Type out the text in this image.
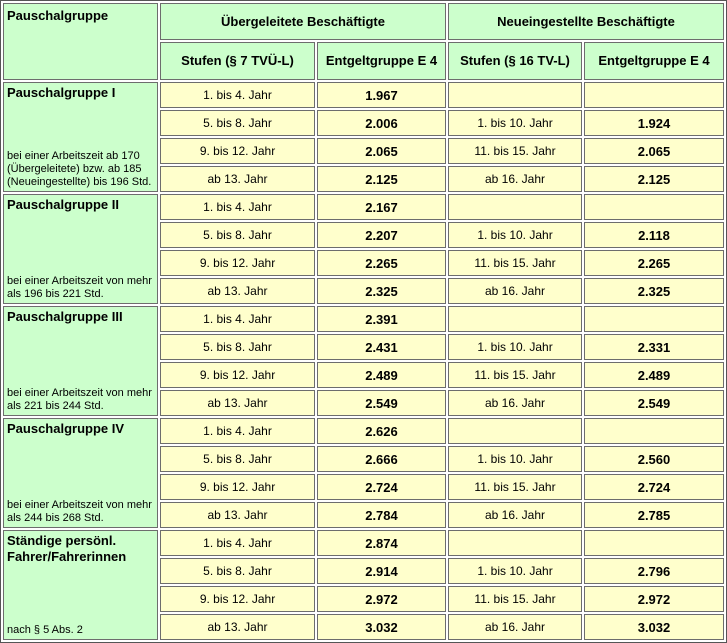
Pauschalgruppe	Übergeleitete Beschäftigte		Neueingestellte Beschäftigte	
	Stufen (§ 7 TVÜ-L)	Entgeltgruppe E 4	Stufen (§ 16 TV-L)	Entgeltgruppe E 4

Pauschalgruppe I
bei einer Arbeitszeit ab 170 (Übergeleitete) bzw. ab 185 (Neueingestellte) bis 196 Std.	1. bis 4. Jahr	1.967		
	5. bis 8. Jahr	2.006	1. bis 10. Jahr	1.924
	9. bis 12. Jahr	2.065	11. bis 15. Jahr	2.065
	ab 13. Jahr	2.125	ab 16. Jahr	2.125

Pauschalgruppe II
bei einer Arbeitszeit von mehr als 196 bis 221 Std.	1. bis 4. Jahr	2.167		
	5. bis 8. Jahr	2.207	1. bis 10. Jahr	2.118
	9. bis 12. Jahr	2.265	11. bis 15. Jahr	2.265
	ab 13. Jahr	2.325	ab 16. Jahr	2.325

Pauschalgruppe III
bei einer Arbeitszeit von mehr als 221 bis 244 Std.	1. bis 4. Jahr	2.391		
	5. bis 8. Jahr	2.431	1. bis 10. Jahr	2.331
	9. bis 12. Jahr	2.489	11. bis 15. Jahr	2.489
	ab 13. Jahr	2.549	ab 16. Jahr	2.549

Pauschalgruppe IV
bei einer Arbeitszeit von mehr als 244 bis 268 Std.	1. bis 4. Jahr	2.626		
	5. bis 8. Jahr	2.666	1. bis 10. Jahr	2.560
	9. bis 12. Jahr	2.724	11. bis 15. Jahr	2.724
	ab 13. Jahr	2.784	ab 16. Jahr	2.785

Ständige persönl. Fahrer/Fahrerinnen
nach § 5 Abs. 2	1. bis 4. Jahr	2.874		
	5. bis 8. Jahr	2.914	1. bis 10. Jahr	2.796
	9. bis 12. Jahr	2.972	11. bis 15. Jahr	2.972
	ab 13. Jahr	3.032	ab 16. Jahr	3.032
